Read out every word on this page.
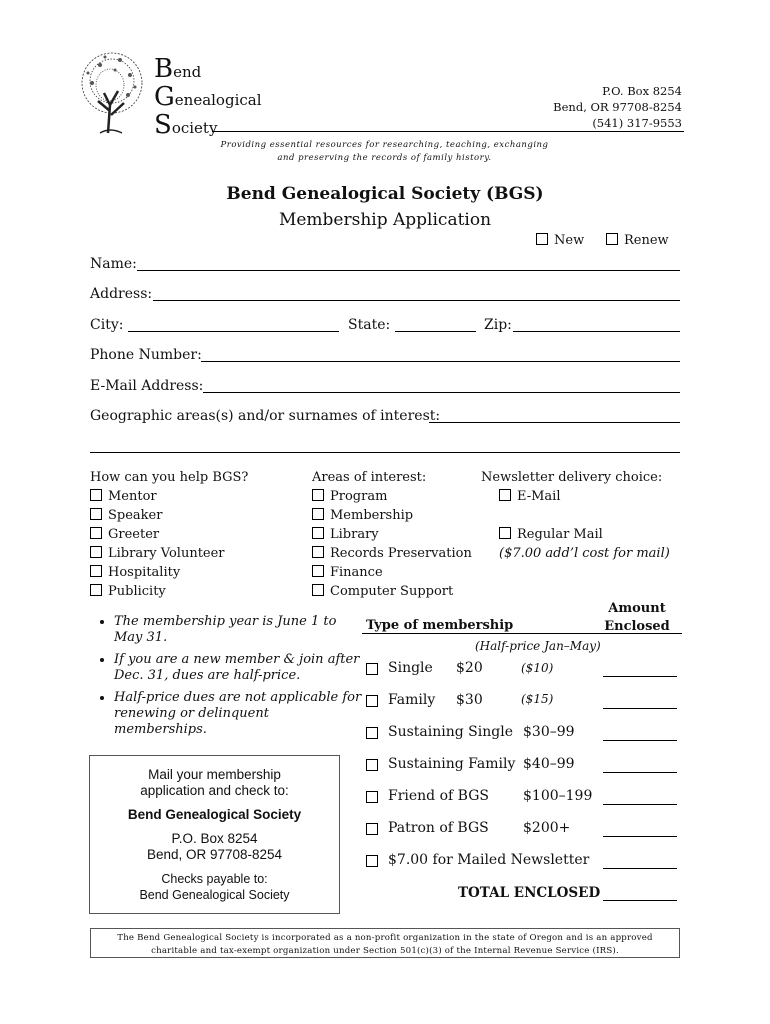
Bend
Genealogical
Society
P.O. Box 8254
Bend, OR 97708-8254
(541) 317-9553
Providing essential resources for researching, teaching, exchanging
and preserving the records of family history.
Bend Genealogical Society (BGS)
Membership Application
New	Renew
Name:
Address:
City:	State:	Zip:
Phone Number:
E-Mail Address:
Geographic areas(s) and/or surnames of interest:
How can you help BGS?
Mentor
Speaker
Greeter
Library Volunteer
Hospitality
Publicity
Areas of interest:
Program
Membership
Library
Records Preservation
Finance
Computer Support
Newsletter delivery choice:
E-Mail
Regular Mail
($7.00 add’l cost for mail)
• The membership year is June 1 to May 31.
• If you are a new member & join after Dec. 31, dues are half-price.
• Half-price dues are not applicable for renewing or delinquent memberships.
Mail your membership
application and check to:
Bend Genealogical Society
P.O. Box 8254
Bend, OR 97708-8254
Checks payable to:
Bend Genealogical Society
Amount
Enclosed
Type of membership
(Half-price Jan–May)
Single $20	($10)
Family $30	($15)
Sustaining Single $30–99
Sustaining Family $40–99
Friend of BGS $100–199
Patron of BGS $200+
$7.00 for Mailed Newsletter
TOTAL ENCLOSED
The Bend Genealogical Society is incorporated as a non-profit organization in the state of Oregon and is an approved
charitable and tax-exempt organization under Section 501(c)(3) of the Internal Revenue Service (IRS).
